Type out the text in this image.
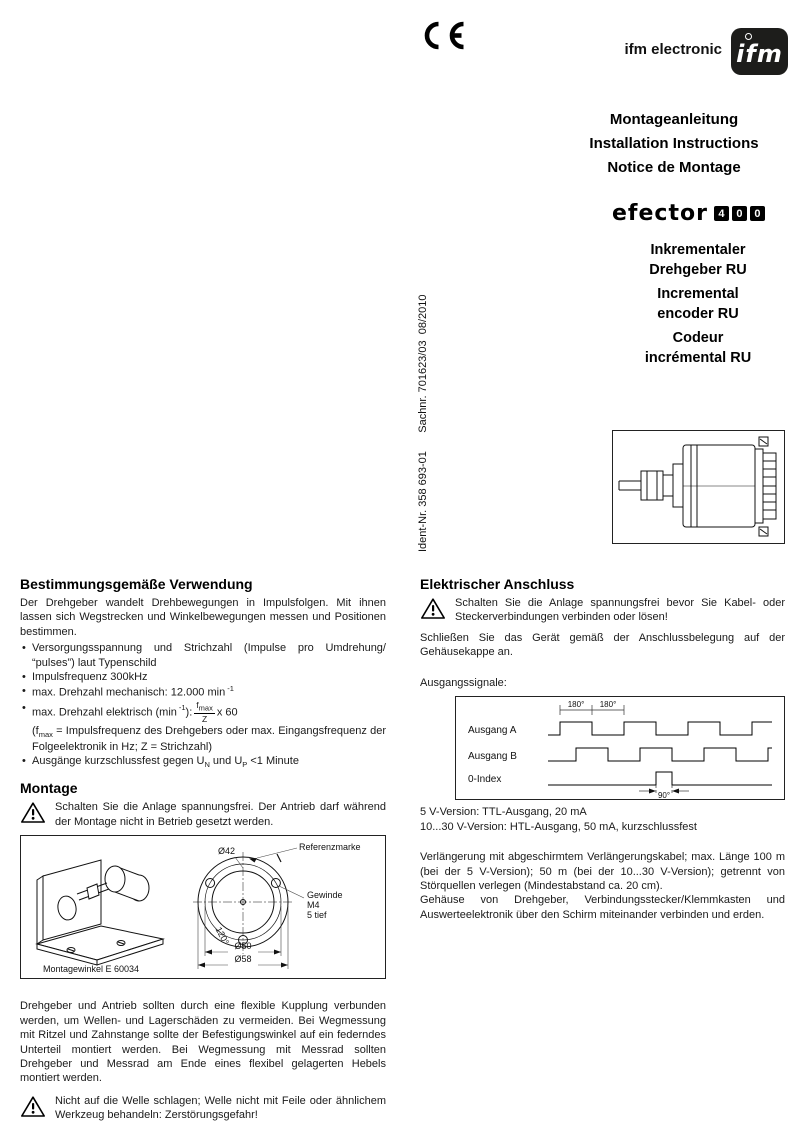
ifm electronic ifm
Montageanleitung
Installation Instructions
Notice de Montage
efector 4	0	0
Inkrementaler
Drehgeber RU
Incremental
encoder RU
Codeur
incrémental RU
Ident-Nr. 358 693-01      Sachnr. 701623/03  08/2010
Bestimmungsgemäße Verwendung

Der Drehgeber wandelt Drehbewegungen in Impulsfolgen. Mit ihnen lassen sich Wegstrecken und Winkelbewegungen messen und Positionen bestimmen.

• Versorgungsspannung und Strichzahl (Impulse pro Umdrehung/ “pulses”) laut Typenschild
• Impulsfrequenz 300kHz
• max. Drehzahl mechanisch: 12.000 min $^{-1}$
• max. Drehzahl elektrisch (min $^{-1}$): $\frac{f_{max}}{Z}$ x 60
($f_{max}$ = Impulsfrequenz des Drehgebers oder max. Eingangsfrequenz der Folgeelektronik in Hz; Z = Strichzahl)
• Ausgänge kurzschlussfest gegen $U_N$ und $U_P <1$ Minute
Montage
Schalten Sie die Anlage spannungsfrei. Der Antrieb darf während der Montage nicht in Betrieb gesetzt werden.
Referenzmarke
Ø42
Gewinde
M4
5 tief
Ø50
Ø58
120°
Montagewinkel E 60034

Drehgeber und Antrieb sollten durch eine flexible Kupplung verbunden werden, um Wellen- und Lagerschäden zu vermeiden. Bei Wegmessung mit Ritzel und Zahnstange sollte der Befestigungswinkel auf ein federndes Unterteil montiert werden. Bei Wegmessung mit Messrad sollten Drehgeber und Messrad am Ende eines flexibel gelagerten Hebels montiert werden.

Nicht auf die Welle schlagen; Welle nicht mit Feile oder ähnlichem Werkzeug behandeln: Zerstörungsgefahr!
Elektrischer Anschluss
Schalten Sie die Anlage spannungsfrei bevor Sie Kabel- oder Steckerverbindungen verbinden oder lösen!

Schließen Sie das Gerät gemäß der Anschlussbelegung auf der Gehäusekappe an.

Ausgangssignale:

Ausgang A
Ausgang B
0-Index
180° 180°
90°
5 V-Version: TTL-Ausgang, 20 mA
10...30 V-Version: HTL-Ausgang, 50 mA, kurzschlussfest

Verlängerung mit abgeschirmtem Verlängerungskabel; max. Länge 100 m (bei der 5 V-Version); 50 m (bei der 10...30 V-Version); getrennt von Störquellen verlegen (Mindestabstand ca. 20 cm).

Gehäuse von Drehgeber, Verbindungsstecker/Klemmkasten und Auswerteelektronik über den Schirm miteinander verbinden und erden.
